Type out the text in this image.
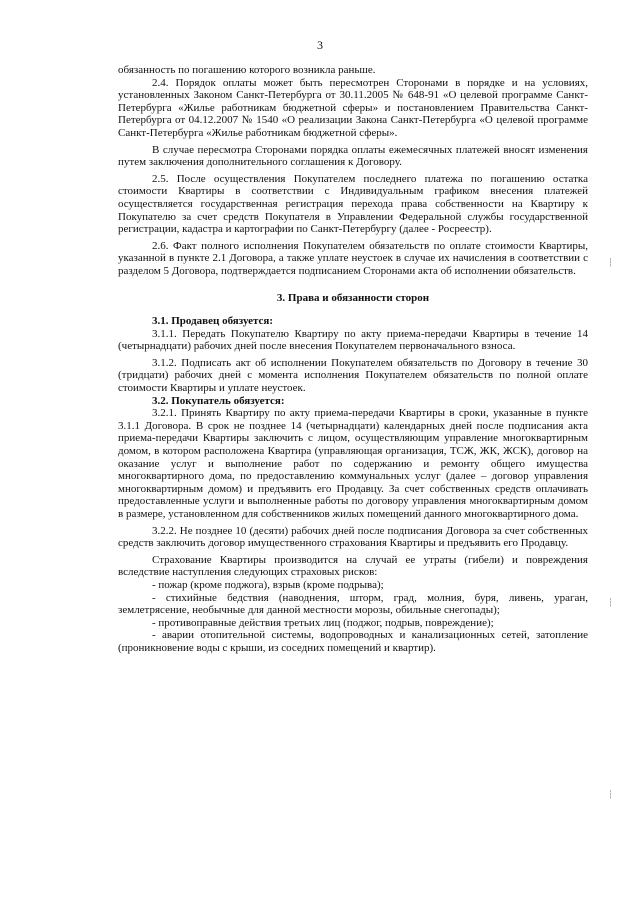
3

обязанность по погашению которого возникла раньше.

2.4. Порядок оплаты может быть пересмотрен Сторонами в порядке и на условиях, установленных Законом Санкт-Петербурга от 30.11.2005 № 648-91 «О целевой программе Санкт-Петербурга «Жилье работникам бюджетной сферы» и постановлением Правительства Санкт-Петербурга от 04.12.2007 № 1540 «О реализации Закона Санкт-Петербурга «О целевой программе Санкт-Петербурга «Жилье работникам бюджетной сферы».

В случае пересмотра Сторонами порядка оплаты ежемесячных платежей вносят изменения путем заключения дополнительного соглашения к Договору.

2.5. После осуществления Покупателем последнего платежа по погашению остатка стоимости Квартиры в соответствии с Индивидуальным графиком внесения платежей осуществляется государственная регистрация перехода права собственности на Квартиру к Покупателю за счет средств Покупателя в Управлении Федеральной службы государственной регистрации, кадастра и картографии по Санкт-Петербургу (далее - Росреестр).

2.6. Факт полного исполнения Покупателем обязательств по оплате стоимости Квартиры, указанной в пункте 2.1 Договора, а также уплате неустоек в случае их начисления в соответствии с разделом 5 Договора, подтверждается подписанием Сторонами акта об исполнении обязательств.

3. Права и обязанности сторон

3.1. Продавец обязуется:

3.1.1. Передать Покупателю Квартиру по акту приема-передачи Квартиры в течение 14 (четырнадцати) рабочих дней после внесения Покупателем первоначального взноса.

3.1.2. Подписать акт об исполнении Покупателем обязательств по Договору в течение 30 (тридцати) рабочих дней с момента исполнения Покупателем обязательств по полной оплате стоимости Квартиры и уплате неустоек.

3.2. Покупатель обязуется:

3.2.1. Принять Квартиру по акту приема-передачи Квартиры в сроки, указанные в пункте 3.1.1 Договора. В срок не позднее 14 (четырнадцати) календарных дней после подписания акта приема-передачи Квартиры заключить с лицом, осуществляющим управление многоквартирным домом, в котором расположена Квартира (управляющая организация, ТСЖ, ЖК, ЖСК), договор на оказание услуг и выполнение работ по содержанию и ремонту общего имущества многоквартирного дома, по предоставлению коммунальных услуг (далее – договор управления многоквартирным домом) и предъявить его Продавцу. За счет собственных средств оплачивать предоставленные услуги и выполненные работы по договору управления многоквартирным домом в размере, установленном для собственников жилых помещений данного многоквартирного дома.

3.2.2. Не позднее 10 (десяти) рабочих дней после подписания Договора за счет собственных средств заключить договор имущественного страхования Квартиры и предъявить его Продавцу.

Страхование Квартиры производится на случай ее утраты (гибели) и повреждения вследствие наступления следующих страховых рисков:

- пожар (кроме поджога), взрыв (кроме подрыва);

- стихийные бедствия (наводнения, шторм, град, молния, буря, ливень, ураган, землетрясение, необычные для данной местности морозы, обильные снегопады);

- противоправные действия третьих лиц (поджог, подрыв, повреждение);

- аварии отопительной системы, водопроводных и канализационных сетей, затопление (проникновение воды с крыши, из соседних помещений и квартир).

┆
┆
┆
